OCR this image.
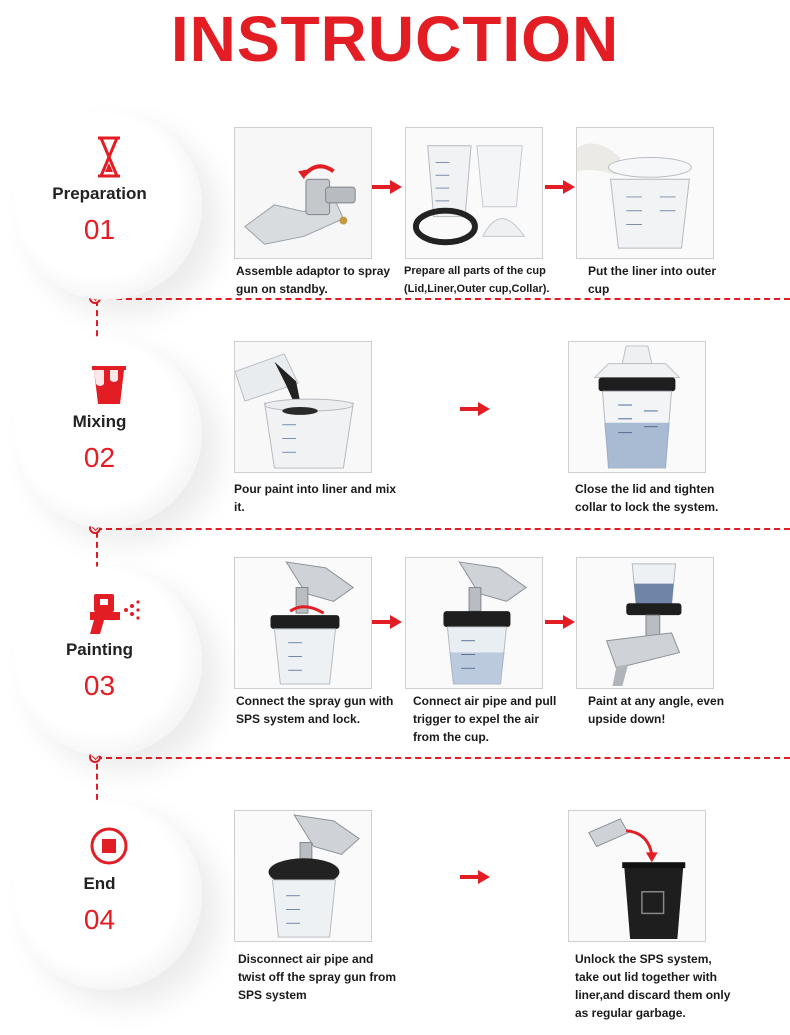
INSTRUCTION
Preparation
01
Assemble adaptor to spray gun on standby.
Prepare all parts of the cup (Lid,Liner,Outer cup,Collar).
Put the liner into outer cup
Mixing
02
Pour paint into liner and mix it.
Close the lid and tighten collar to lock the system.
Painting
03	Connect the spray gun with SPS system and lock.
Connect air pipe and pull trigger to expel the air from the cup.
Paint at any angle, even upside down!
End
04
Disconnect air pipe and twist off the spray gun from SPS system
Unlock the SPS system, take out lid together with liner,and discard them only as regular garbage.
